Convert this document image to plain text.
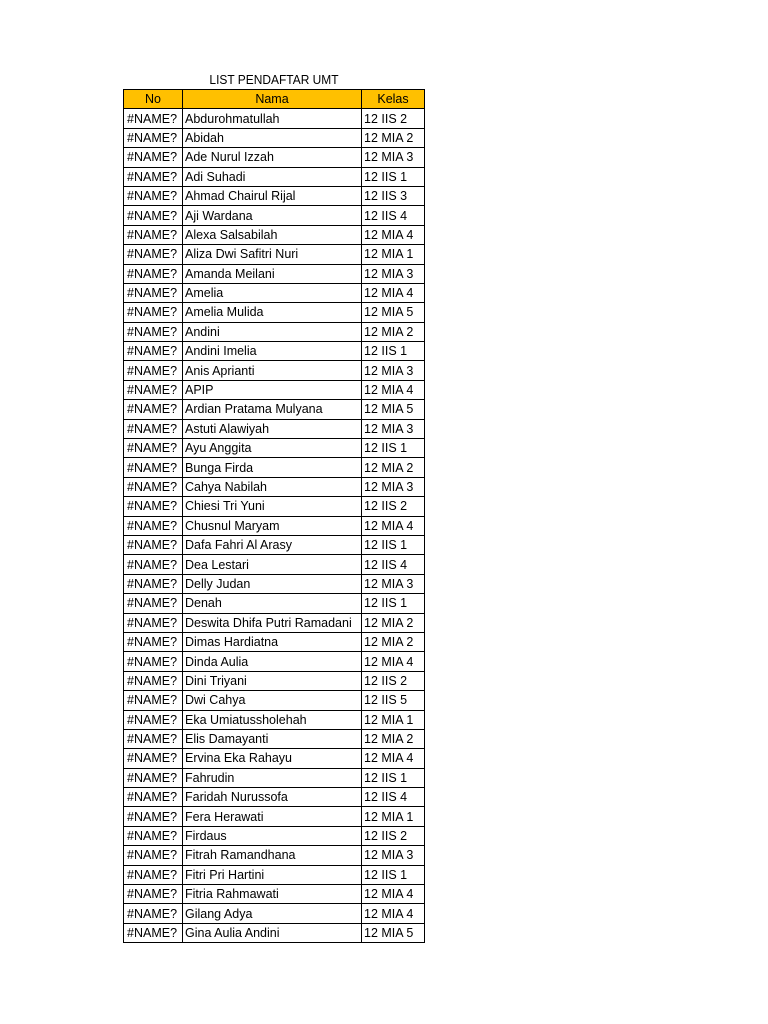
LIST PENDAFTAR UMT
No	Nama	Kelas
#NAME?	Abdurohmatullah	12 IIS 2
#NAME?	Abidah	12 MIA 2
#NAME?	Ade Nurul Izzah	12 MIA 3
#NAME?	Adi Suhadi	12 IIS 1
#NAME?	Ahmad Chairul Rijal	12 IIS 3
#NAME?	Aji Wardana	12 IIS 4
#NAME?	Alexa Salsabilah	12 MIA 4
#NAME?	Aliza Dwi Safitri Nuri	12 MIA 1
#NAME?	Amanda Meilani	12 MIA 3
#NAME?	Amelia	12 MIA 4
#NAME?	Amelia Mulida	12 MIA 5
#NAME?	Andini	12 MIA 2
#NAME?	Andini Imelia	12 IIS 1
#NAME?	Anis Aprianti	12 MIA 3
#NAME?	APIP	12 MIA 4
#NAME?	Ardian Pratama Mulyana	12 MIA 5
#NAME?	Astuti Alawiyah	12 MIA 3
#NAME?	Ayu Anggita	12 IIS 1
#NAME?	Bunga Firda	12 MIA 2
#NAME?	Cahya Nabilah	12 MIA 3
#NAME?	Chiesi Tri Yuni	12 IIS 2
#NAME?	Chusnul Maryam	12 MIA 4
#NAME?	Dafa Fahri Al Arasy	12 IIS 1
#NAME?	Dea Lestari	12 IIS 4
#NAME?	Delly Judan	12 MIA 3
#NAME?	Denah	12 IIS 1
#NAME?	Deswita Dhifa Putri Ramadani	12 MIA 2
#NAME?	Dimas Hardiatna	12 MIA 2
#NAME?	Dinda Aulia	12 MIA 4
#NAME?	Dini Triyani	12 IIS 2
#NAME?	Dwi Cahya	12 IIS 5
#NAME?	Eka Umiatussholehah	12 MIA 1
#NAME?	Elis Damayanti	12 MIA 2
#NAME?	Ervina Eka Rahayu	12 MIA 4
#NAME?	Fahrudin	12 IIS 1
#NAME?	Faridah Nurussofa	12 IIS 4
#NAME?	Fera Herawati	12 MIA 1
#NAME?	Firdaus	12 IIS 2
#NAME?	Fitrah Ramandhana	12 MIA 3
#NAME?	Fitri Pri Hartini	12 IIS 1
#NAME?	Fitria Rahmawati	12 MIA 4
#NAME?	Gilang Adya	12 MIA 4
#NAME?	Gina Aulia Andini	12 MIA 5
